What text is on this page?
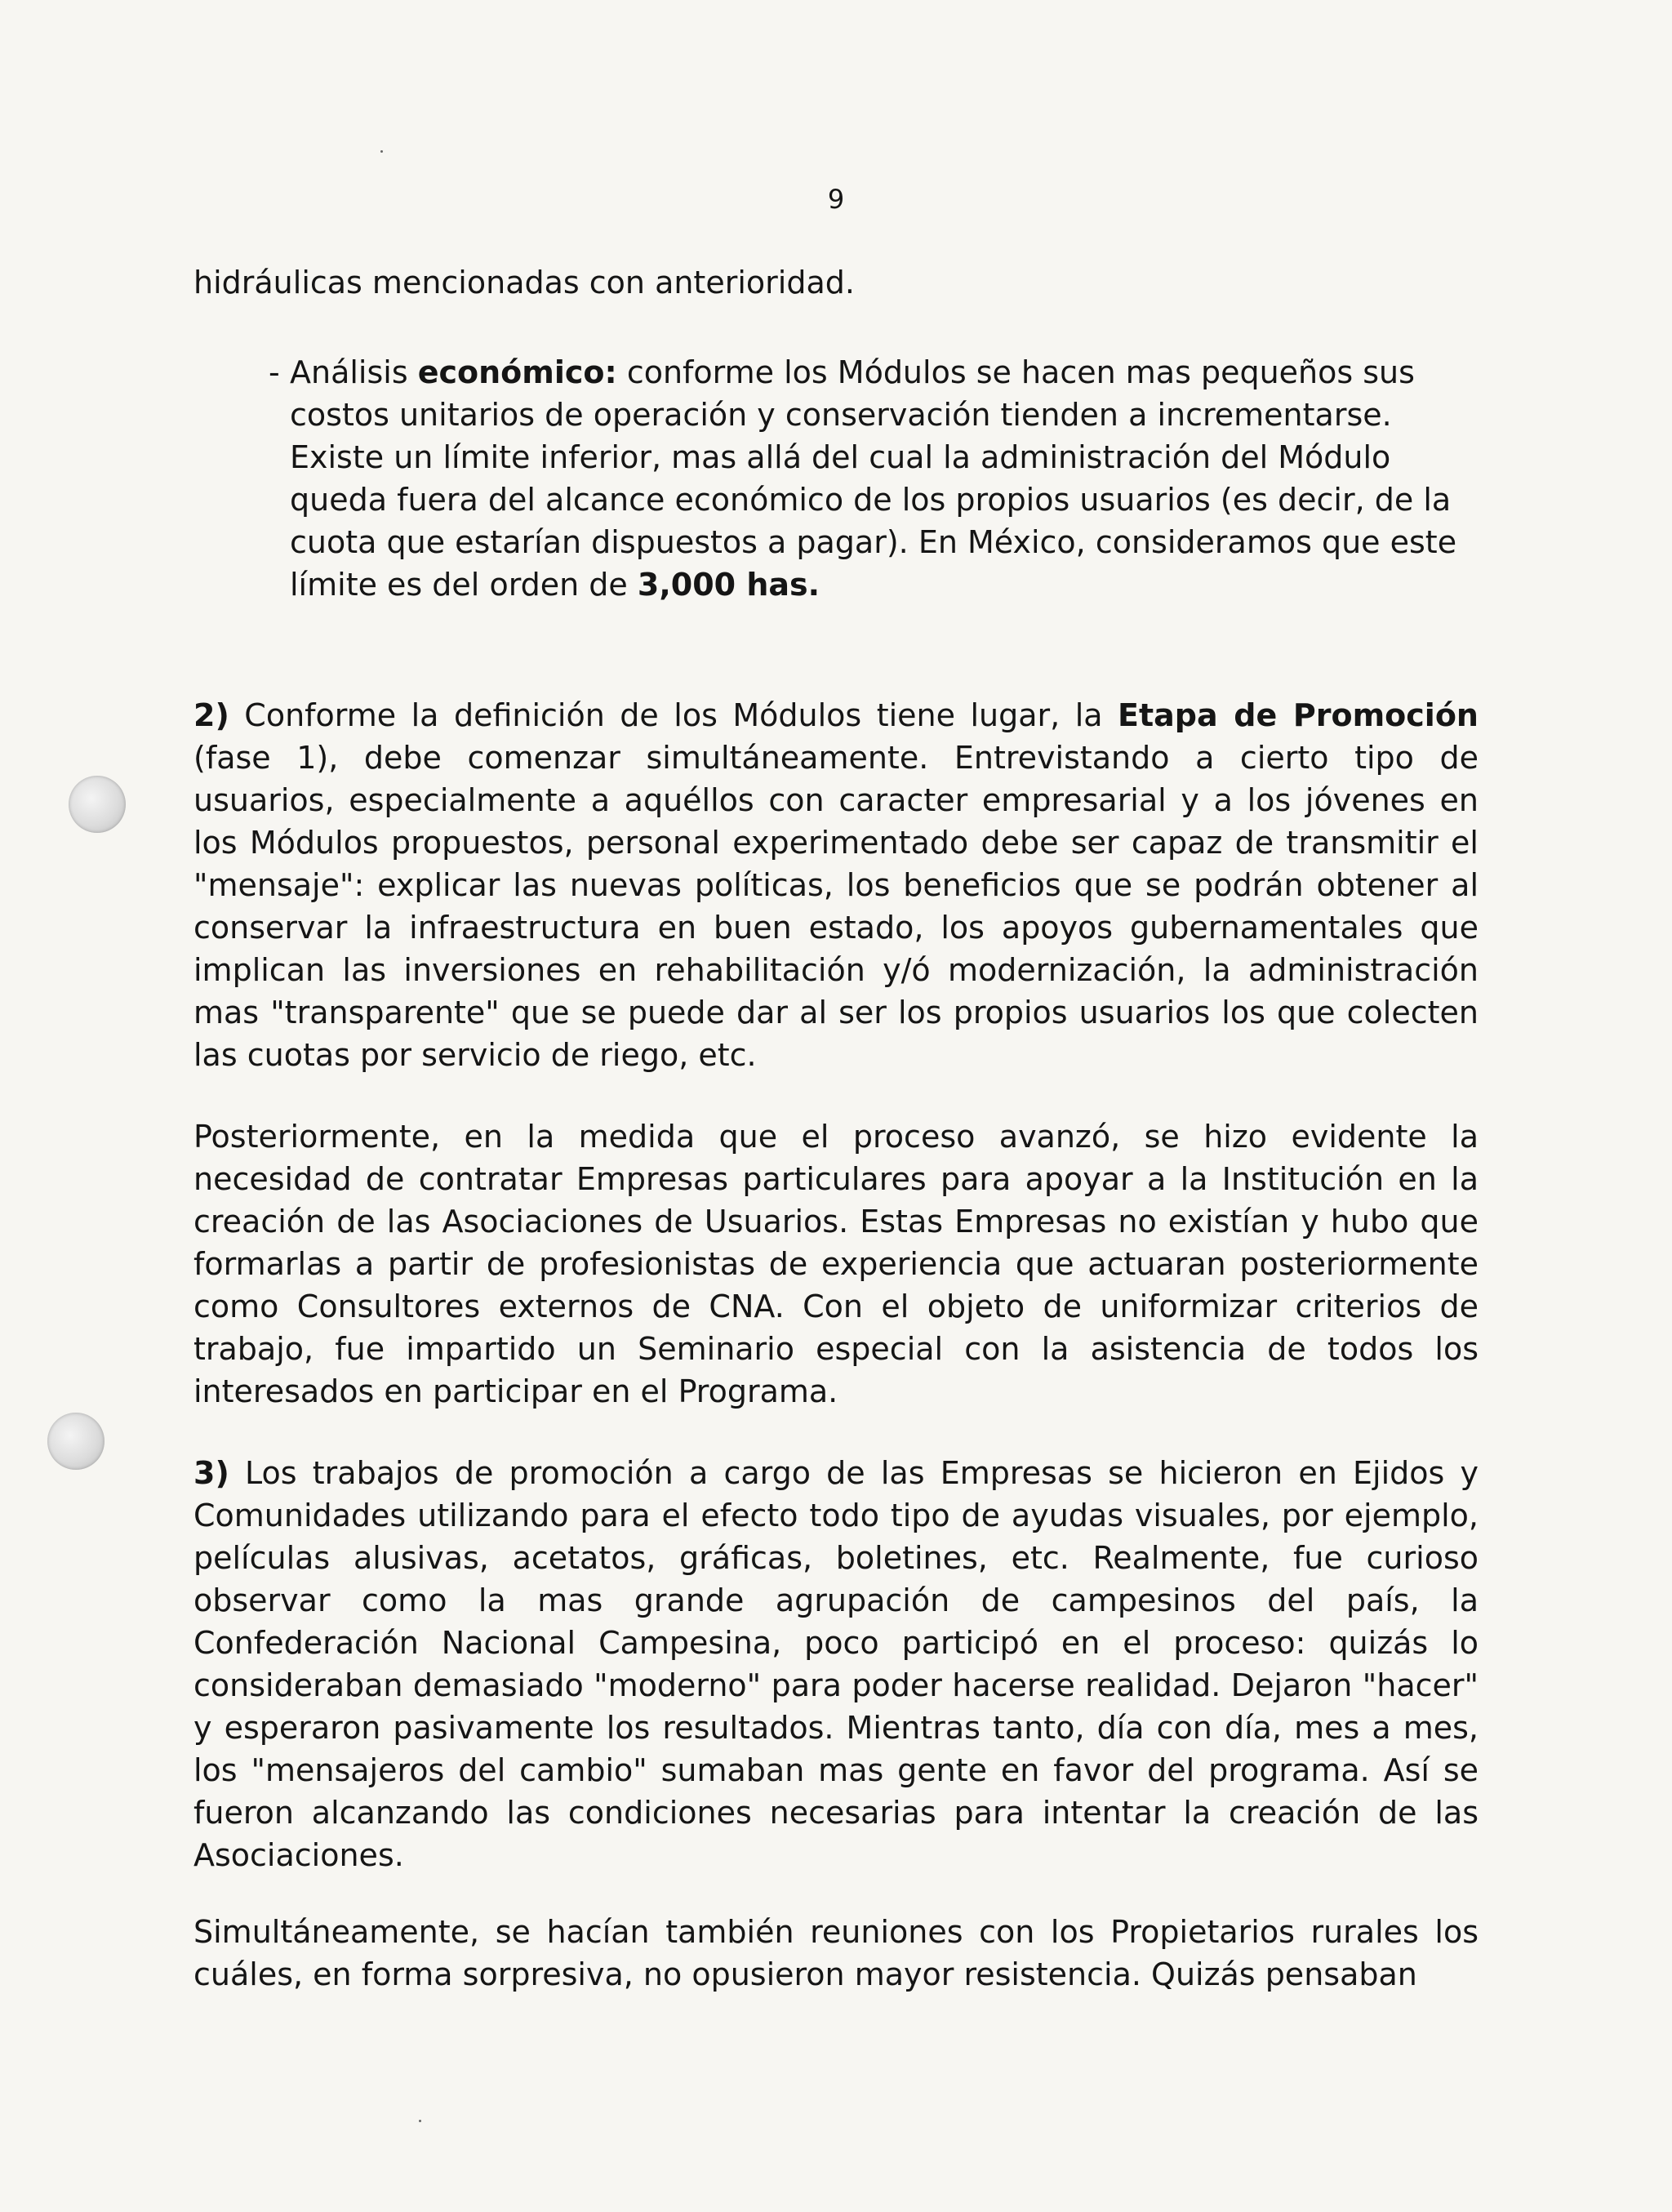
9

hidráulicas mencionadas con anterioridad.

- Análisis económico: conforme los Módulos se hacen mas pequeños sus costos unitarios de operación y conservación tienden a incrementarse. Existe un límite inferior, mas allá del cual la administración del Módulo queda fuera del alcance económico de los propios usuarios (es decir, de la cuota que estarían dispuestos a pagar). En México, consideramos que este límite es del orden de 3,000 has.

2) Conforme la definición de los Módulos tiene lugar, la Etapa de Promoción (fase 1), debe comenzar simultáneamente. Entrevistando a cierto tipo de usuarios, especialmente a aquéllos con caracter empresarial y a los jóvenes en los Módulos propuestos, personal experimentado debe ser capaz de transmitir el "mensaje": explicar las nuevas políticas, los beneficios que se podrán obtener al conservar la infraestructura en buen estado, los apoyos gubernamentales que implican las inversiones en rehabilitación y/ó modernización, la administración mas "transparente" que se puede dar al ser los propios usuarios los que colecten las cuotas por servicio de riego, etc.

Posteriormente, en la medida que el proceso avanzó, se hizo evidente la necesidad de contratar Empresas particulares para apoyar a la Institución en la creación de las Asociaciones de Usuarios. Estas Empresas no existían y hubo que formarlas a partir de profesionistas de experiencia que actuaran posteriormente como Consultores externos de CNA. Con el objeto de uniformizar criterios de trabajo, fue impartido un Seminario especial con la asistencia de todos los interesados en participar en el Programa.

3) Los trabajos de promoción a cargo de las Empresas se hicieron en Ejidos y Comunidades utilizando para el efecto todo tipo de ayudas visuales, por ejemplo, películas alusivas, acetatos, gráficas, boletines, etc. Realmente, fue curioso observar como la mas grande agrupación de campesinos del país, la Confederación Nacional Campesina, poco participó en el proceso: quizás lo consideraban demasiado "moderno" para poder hacerse realidad. Dejaron "hacer" y esperaron pasivamente los resultados. Mientras tanto, día con día, mes a mes, los "mensajeros del cambio" sumaban mas gente en favor del programa. Así se fueron alcanzando las condiciones necesarias para intentar la creación de las Asociaciones.

Simultáneamente, se hacían también reuniones con los Propietarios rurales los cuáles, en forma sorpresiva, no opusieron mayor resistencia. Quizás pensaban
